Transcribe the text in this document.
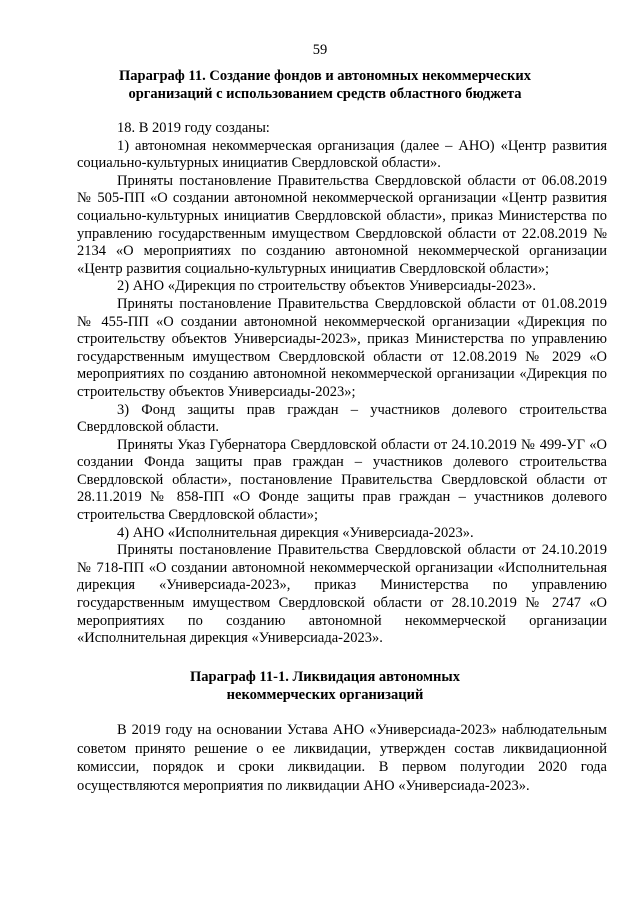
59
Параграф 11. Создание фондов и автономных некоммерческих
организаций с использованием средств областного бюджета

18. В 2019 году созданы:

1) автономная некоммерческая организация (далее – АНО) «Центр развития социально-культурных инициатив Свердловской области».

Приняты постановление Правительства Свердловской области от 06.08.2019 № 505-ПП «О создании автономной некоммерческой организации «Центр развития социально-культурных инициатив Свердловской области», приказ Министерства по управлению государственным имуществом Свердловской области от 22.08.2019 № 2134 «О мероприятиях по созданию автономной некоммерческой организации «Центр развития социально-культурных инициатив Свердловской области»;

2) АНО «Дирекция по строительству объектов Универсиады-2023».

Приняты постановление Правительства Свердловской области от 01.08.2019 № 455-ПП «О создании автономной некоммерческой организации «Дирекция по строительству объектов Универсиады-2023», приказ Министерства по управлению государственным имуществом Свердловской области от 12.08.2019 № 2029 «О мероприятиях по созданию автономной некоммерческой организации «Дирекция по строительству объектов Универсиады-2023»;

3) Фонд защиты прав граждан – участников долевого строительства Свердловской области.

Приняты Указ Губернатора Свердловской области от 24.10.2019 № 499-УГ «О создании Фонда защиты прав граждан – участников долевого строительства Свердловской области», постановление Правительства Свердловской области от 28.11.2019 № 858-ПП «О Фонде защиты прав граждан – участников долевого строительства Свердловской области»;

4) АНО «Исполнительная дирекция «Универсиада-2023».

Приняты постановление Правительства Свердловской области от 24.10.2019 № 718-ПП «О создании автономной некоммерческой организации «Исполнительная дирекция «Универсиада-2023», приказ Министерства по управлению государственным имуществом Свердловской области от 28.10.2019 № 2747 «О мероприятиях по созданию автономной некоммерческой организации «Исполнительная дирекция «Универсиада-2023».

Параграф 11-1. Ликвидация автономных
некоммерческих организаций

В 2019 году на основании Устава АНО «Универсиада-2023» наблюдательным советом принято решение о ее ликвидации, утвержден состав ликвидационной комиссии, порядок и сроки ликвидации. В первом полугодии 2020 года осуществляются мероприятия по ликвидации АНО «Универсиада-2023».
